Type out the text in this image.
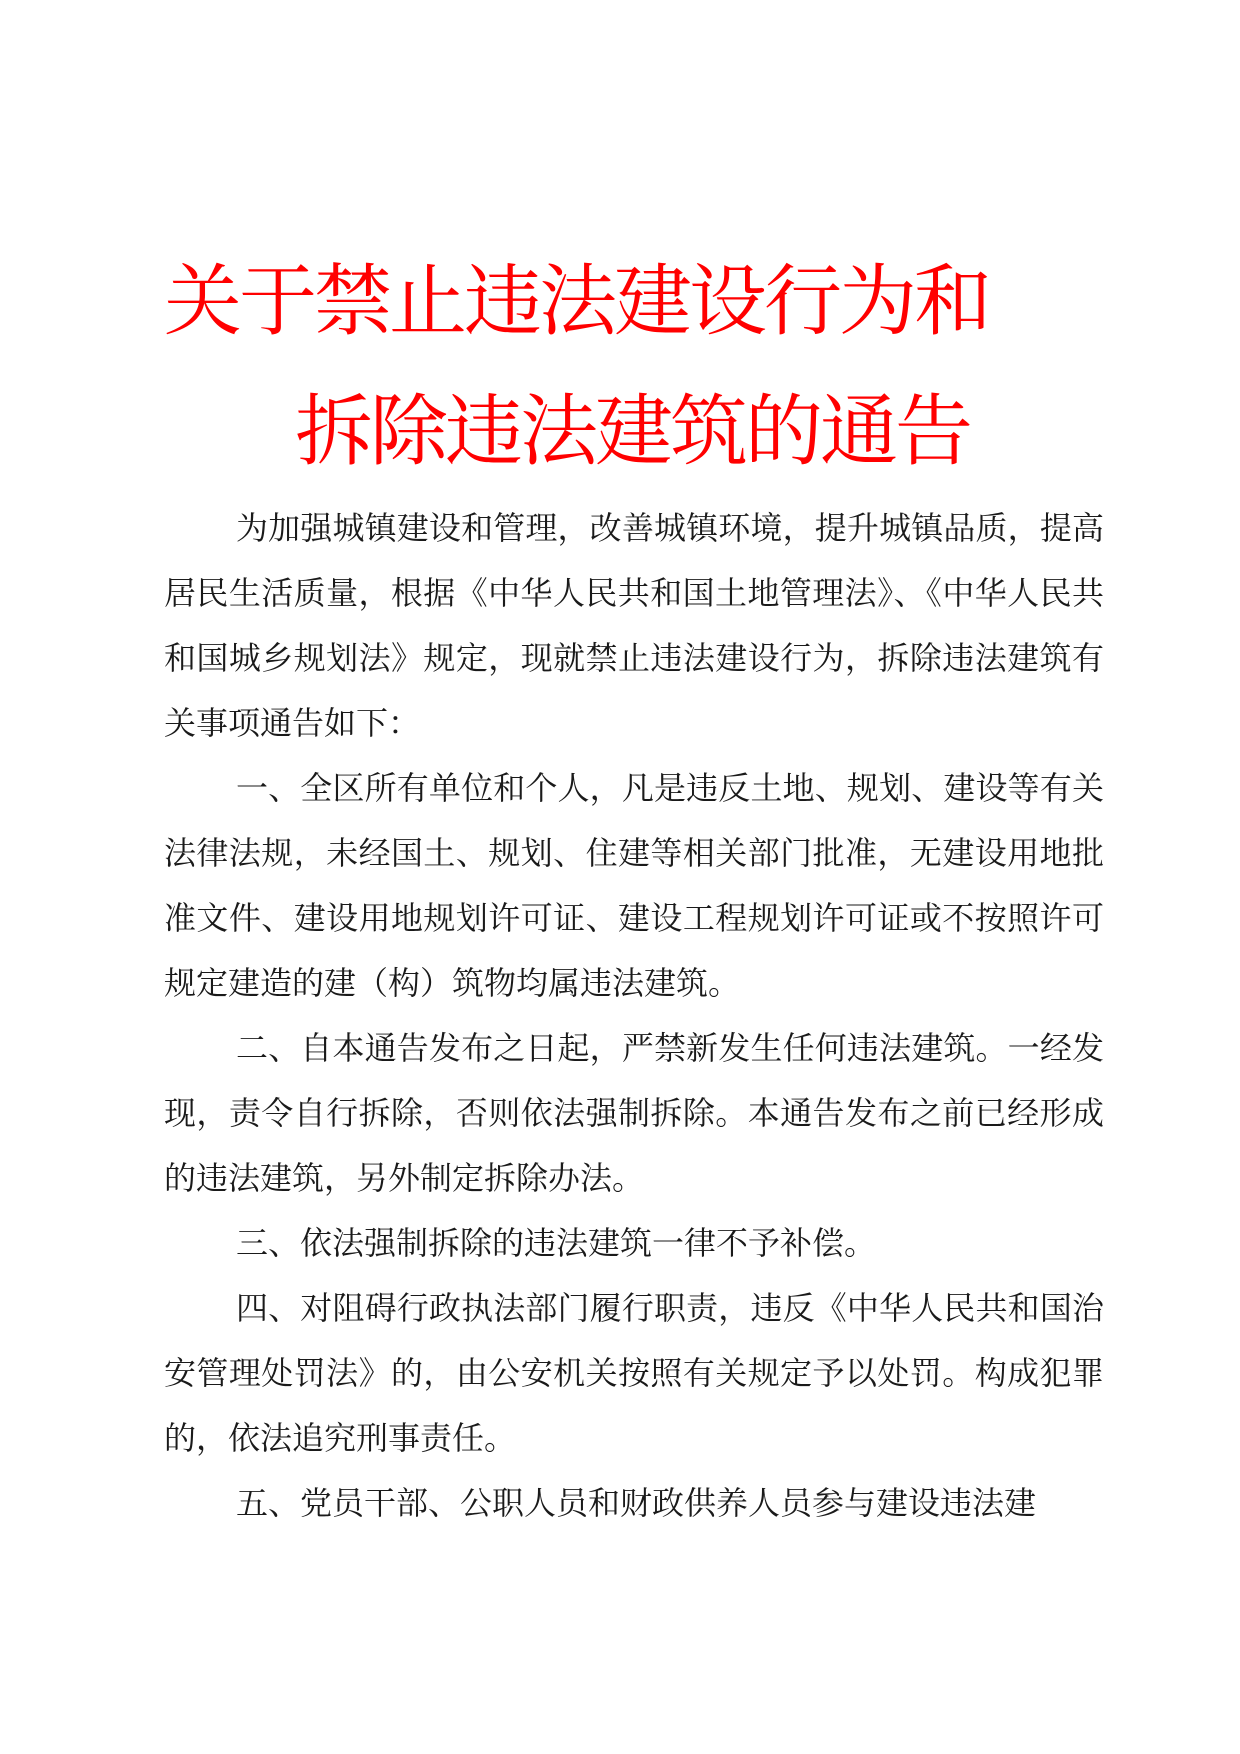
关于禁止违法建设行为和
拆除违法建筑的通告

为加强城镇建设和管理，改善城镇环境，提升城镇品质，提高居民生活质量，根据《中华人民共和国土地管理法》、《中华人民共和国城乡规划法》规定，现就禁止违法建设行为，拆除违法建筑有关事项通告如下：

一、全区所有单位和个人，凡是违反土地、规划、建设等有关法律法规，未经国土、规划、住建等相关部门批准，无建设用地批准文件、建设用地规划许可证、建设工程规划许可证或不按照许可规定建造的建（构）筑物均属违法建筑。

二、自本通告发布之日起，严禁新发生任何违法建筑。一经发现，责令自行拆除，否则依法强制拆除。本通告发布之前已经形成的违法建筑，另外制定拆除办法。

三、依法强制拆除的违法建筑一律不予补偿。

四、对阻碍行政执法部门履行职责，违反《中华人民共和国治安管理处罚法》的，由公安机关按照有关规定予以处罚。构成犯罪的，依法追究刑事责任。

五、党员干部、公职人员和财政供养人员参与建设违法建
